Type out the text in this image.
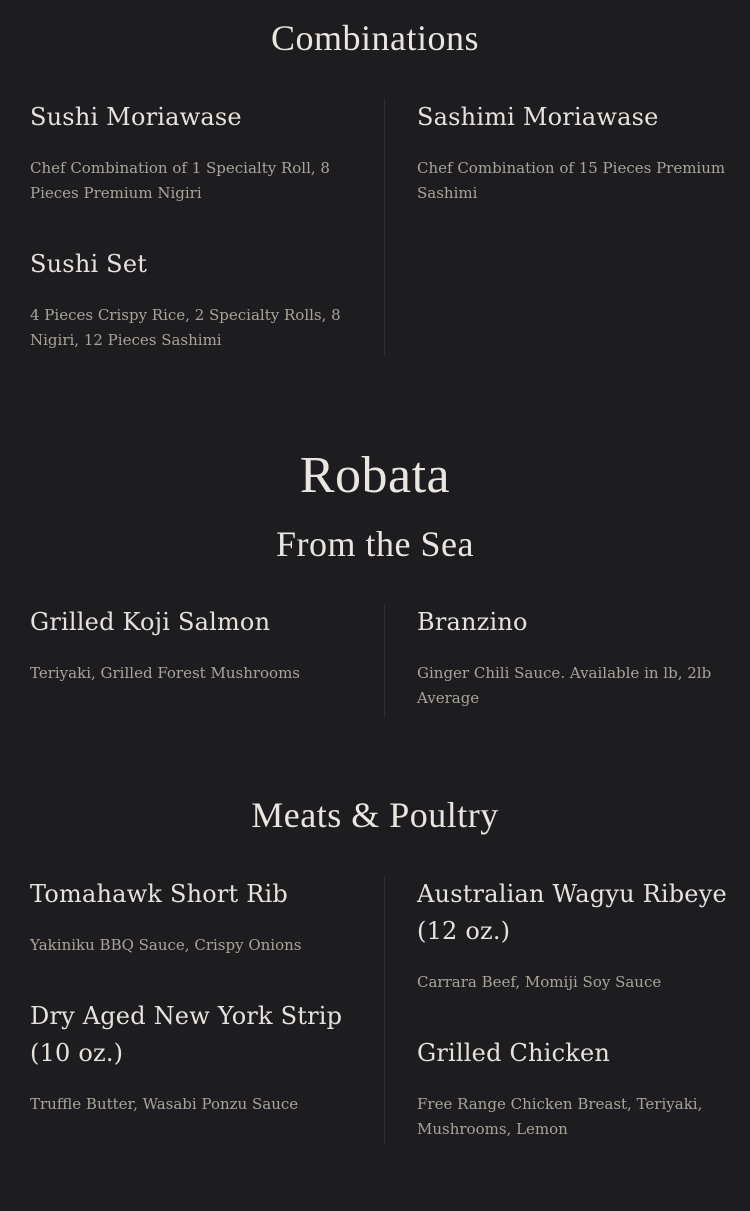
Combinations
Sushi Moriawase

Chef Combination of 1 Specialty Roll, 8 Pieces Premium Nigiri

Sushi Set

4 Pieces Crispy Rice, 2 Specialty Rolls, 8 Nigiri, 12 Pieces Sashimi

Sashimi Moriawase

Chef Combination of 15 Pieces Premium Sashimi

Robata
From the Sea
Grilled Koji Salmon

Teriyaki, Grilled Forest Mushrooms

Branzino

Ginger Chili Sauce. Available in lb, 2lb Average

Meats & Poultry
Tomahawk Short Rib

Yakiniku BBQ Sauce, Crispy Onions

Dry Aged New York Strip (10 oz.)

Truffle Butter, Wasabi Ponzu Sauce

Australian Wagyu Ribeye (12 oz.)

Carrara Beef, Momiji Soy Sauce

Grilled Chicken

Free Range Chicken Breast, Teriyaki, Mushrooms, Lemon
